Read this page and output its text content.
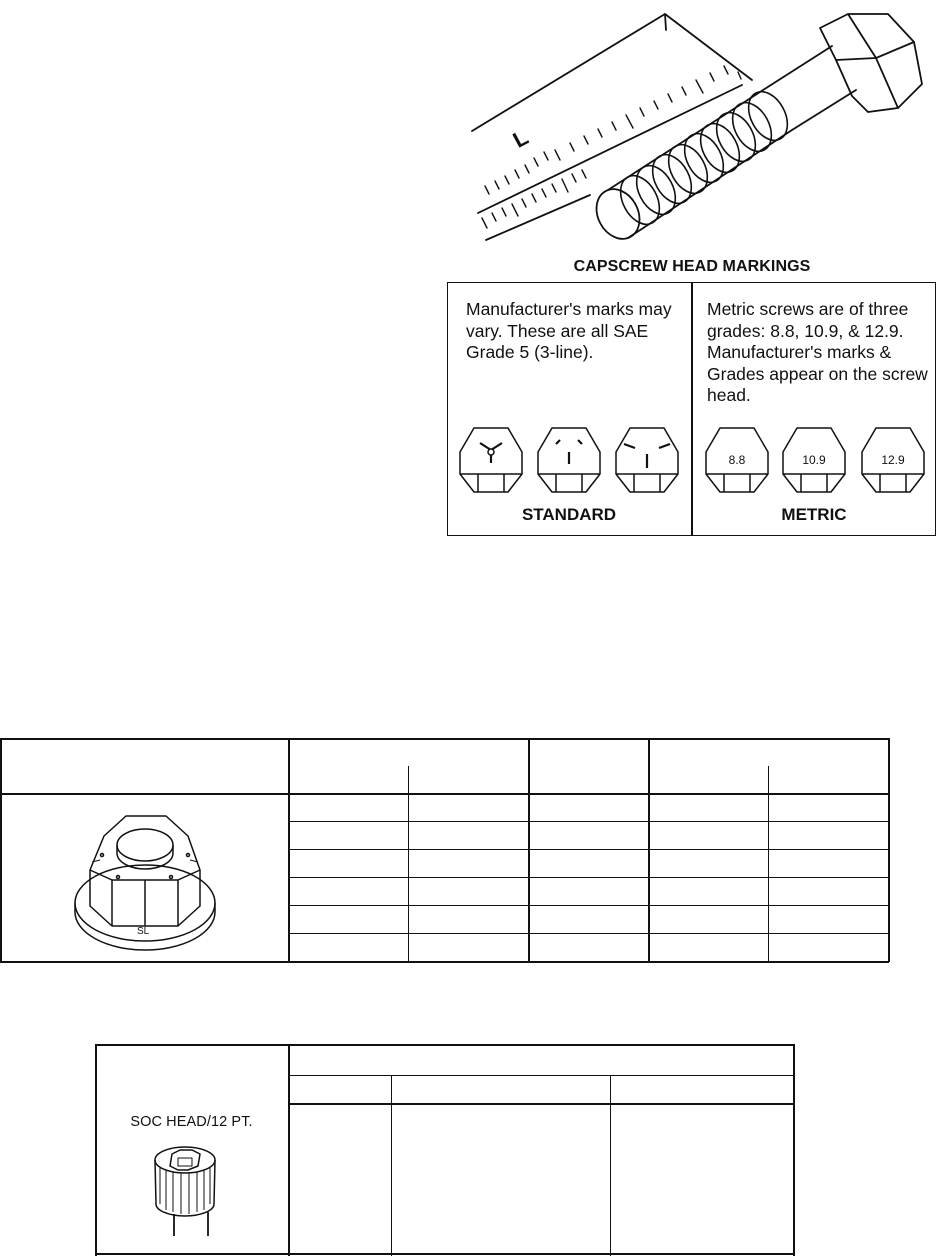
L
CAPSCREW HEAD MARKINGS
Manufacturer's marks may vary. These are all SAE Grade 5 (3-line).
Metric screws are of three grades: 8.8, 10.9, & 12.9. Manufacturer's marks & Grades appear on the screw head.
8.8	10.9	12.9
STANDARD	METRIC
SL
SOC HEAD/12 PT.
